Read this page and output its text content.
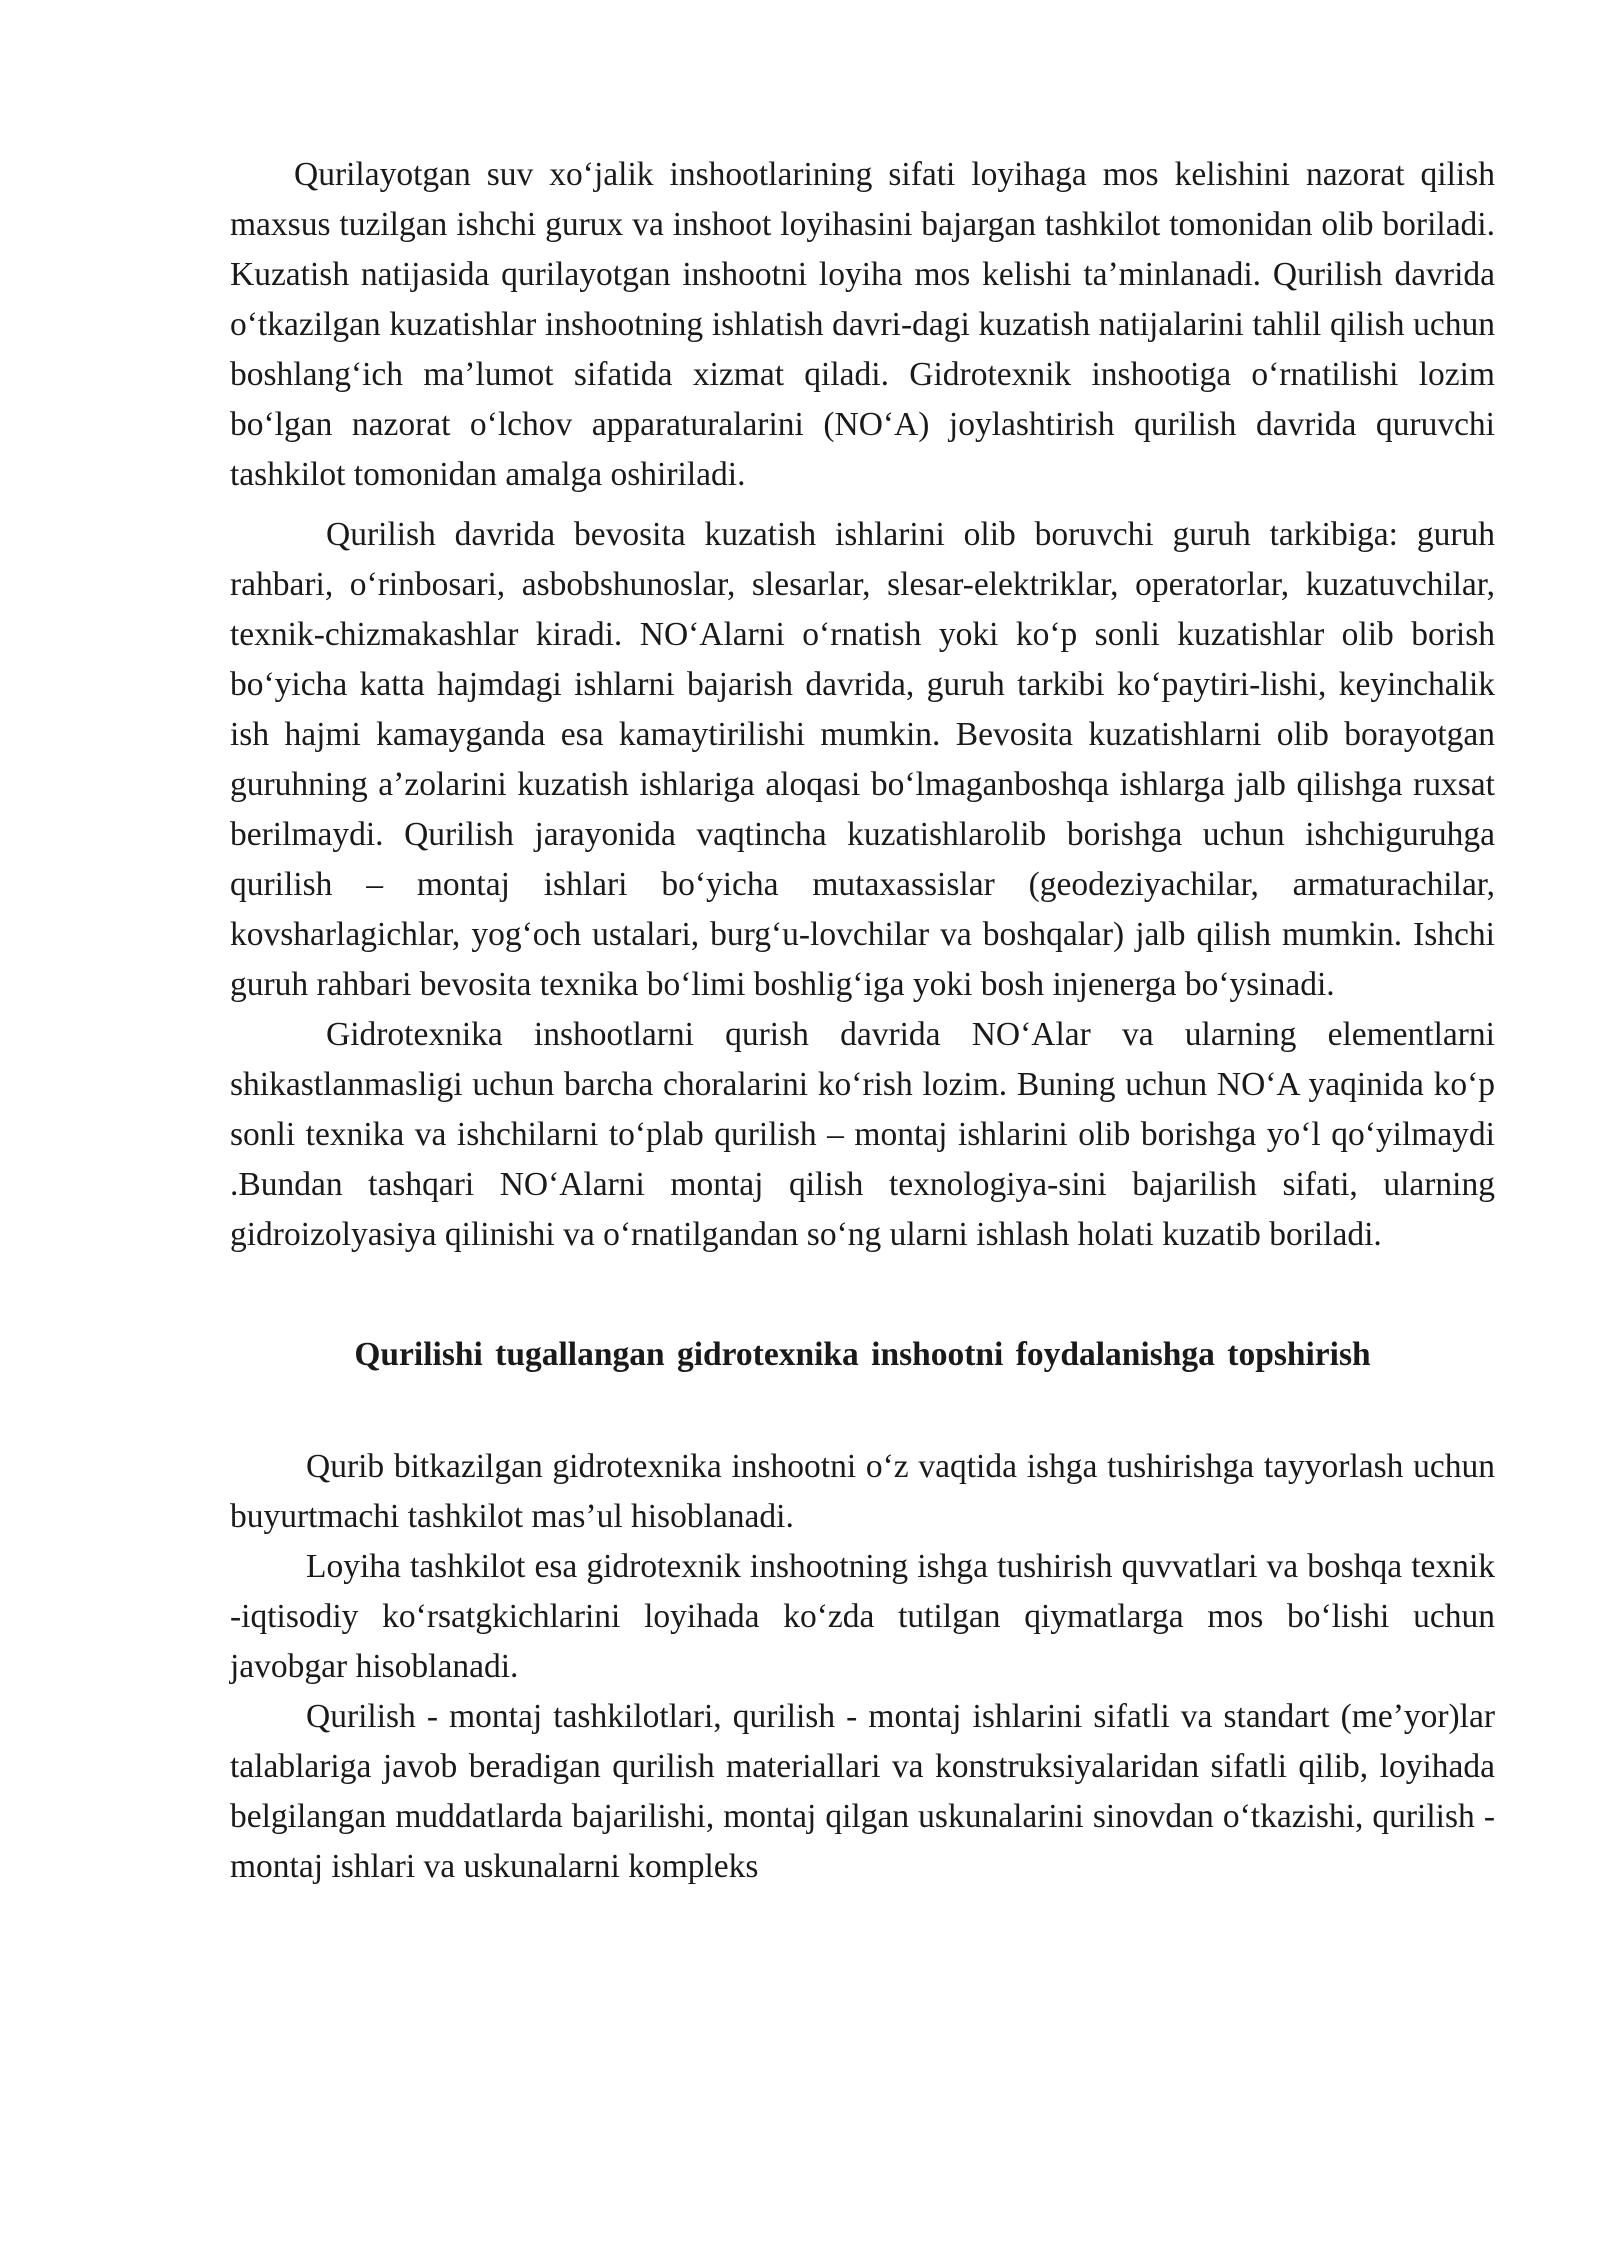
Qurilayotgan suv xoʻjalik inshootlarining sifati loyihaga mos kelishini nazorat qilish maxsus tuzilgan ishchi gurux va inshoot loyihasini bajargan tashkilot tomonidan olib boriladi. Kuzatish natijasida qurilayotgan inshootni loyiha mos kelishi taʼminlanadi. Qurilish davrida oʻtkazilgan kuzatishlar inshootning ishlatish davri-dagi kuzatish natijalarini tahlil qilish uchun boshlangʻich maʼlumot sifatida xizmat qiladi. Gidrotexnik inshootiga oʻrnatilishi lozim boʻlgan nazorat oʻlchov apparaturalarini (NOʻA) joylashtirish qurilish davrida quruvchi tashkilot tomonidan amalga oshiriladi.

Qurilish davrida bevosita kuzatish ishlarini olib boruvchi guruh tarkibiga: guruh rahbari, oʻrinbosari, asbobshunoslar, slesarlar, slesar-elektriklar, operatorlar, kuzatuvchilar, texnik-chizmakashlar kiradi. NOʻAlarni oʻrnatish yoki koʻp sonli kuzatishlar olib borish boʻyicha katta hajmdagi ishlarni bajarish davrida, guruh tarkibi koʻpaytiri-lishi, keyinchalik ish hajmi kamayganda esa kamaytirilishi mumkin. Bevosita kuzatishlarni olib borayotgan guruhning aʼzolarini kuzatish ishlariga aloqasi boʻlmaganboshqa ishlarga jalb qilishga ruxsat berilmaydi. Qurilish jarayonida vaqtincha kuzatishlarolib borishga uchun ishchiguruhga qurilish – montaj ishlari boʻyicha mutaxassislar (geodeziyachilar, armaturachilar, kovsharlagichlar, yogʻoch ustalari, burgʻu-lovchilar va boshqalar) jalb qilish mumkin. Ishchi guruh rahbari bevosita texnika boʻlimi boshligʻiga yoki bosh injenerga boʻysinadi.

Gidrotexnika inshootlarni qurish davrida NOʻAlar va ularning elementlarni shikastlanmasligi uchun barcha choralarini koʻrish lozim. Buning uchun NOʻA yaqinida koʻp sonli texnika va ishchilarni toʻplab qurilish – montaj ishlarini olib borishga yoʻl qoʻyilmaydi .Bundan tashqari NOʻAlarni montaj qilish texnologiya-sini bajarilish sifati, ularning gidroizolyasiya qilinishi va oʻrnatilgandan soʻng ularni ishlash holati kuzatib boriladi.

Qurilishi tugallangan gidrotexnika inshootni foydalanishga topshirish

Qurib bitkazilgan gidrotexnika inshootni oʻz vaqtida ishga tushirishga tayyorlash uchun buyurtmachi tashkilot masʼul hisoblanadi.

Loyiha tashkilot esa gidrotexnik inshootning ishga tushirish quvvatlari va boshqa texnik -iqtisodiy koʻrsatgkichlarini loyihada koʻzda tutilgan qiymatlarga mos boʻlishi uchun javobgar hisoblanadi.

Qurilish - montaj tashkilotlari, qurilish - montaj ishlarini sifatli va standart (meʼyor)lar talablariga javob beradigan qurilish materiallari va konstruksiyalaridan sifatli qilib, loyihada belgilangan muddatlarda bajarilishi, montaj qilgan uskunalarini sinovdan oʻtkazishi, qurilish -montaj ishlari va uskunalarni kompleks
